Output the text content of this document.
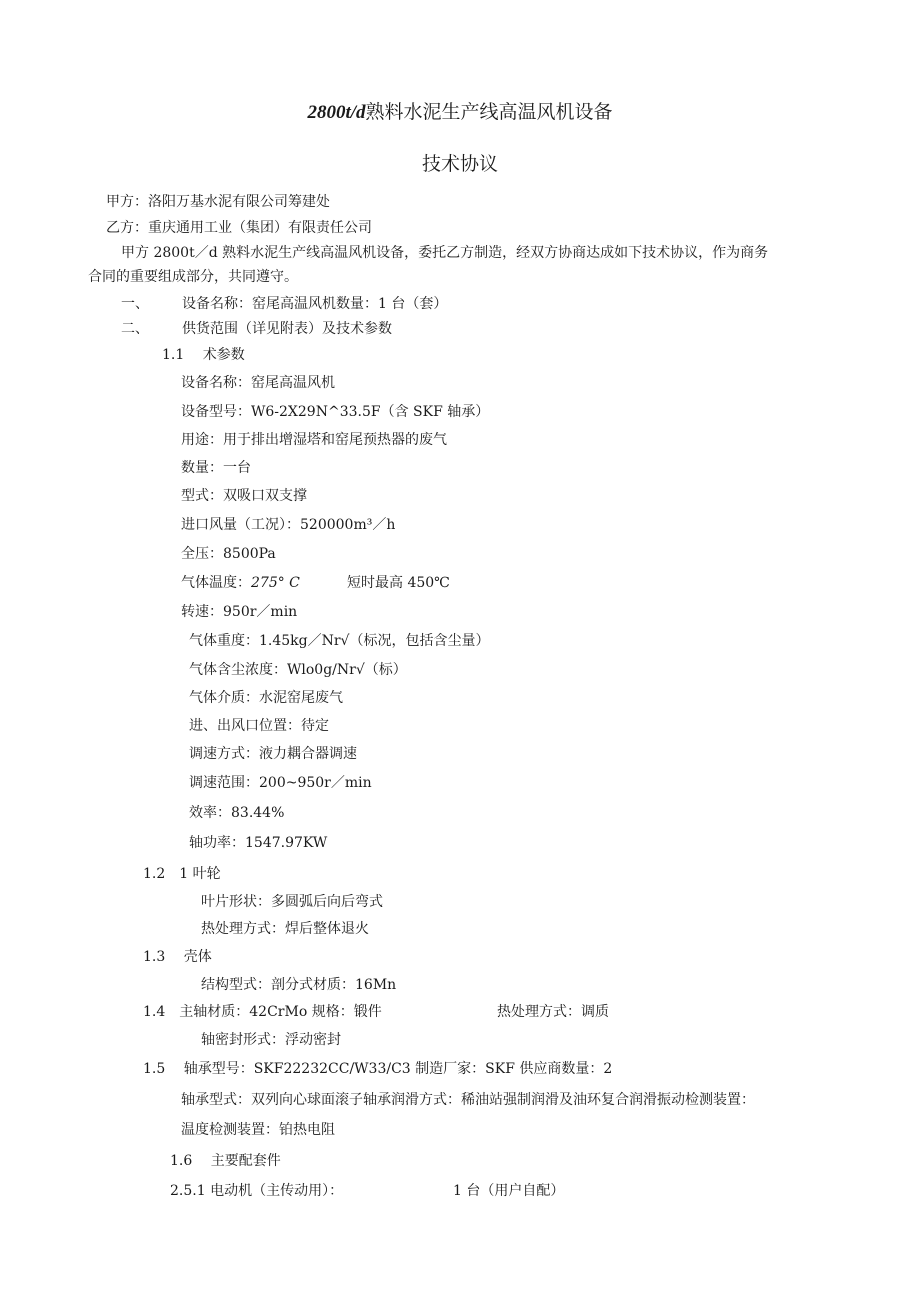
2800t/d熟料水泥生产线高温风机设备
技术协议
甲方：洛阳万基水泥有限公司筹建处
乙方：重庆通用工业（集团）有限责任公司
甲方 2800t／d 熟料水泥生产线高温风机设备，委托乙方制造，经双方协商达成如下技术协议，作为商务
合同的重要组成部分，共同遵守。
一、 设备名称：窑尾高温风机数量：1 台（套）
二、 供货范围（详见附表）及技术参数
1.1　 术参数
设备名称：窑尾高温风机
设备型号：W6-2X29N^33.5F（含 SKF 轴承）
用途：用于排出增湿塔和窑尾预热器的废气
数量：一台
型式：双吸口双支撑
进口风量（工况）：520000m³／h
全压：8500Pa
气体温度：275° C	短时最高 450℃
转速：950r／min
气体重度：1.45kg／Nr√（标况，包括含尘量）
气体含尘浓度：Wlo0g/Nr√（标）
气体介质：水泥窑尾废气
进、出风口位置：待定
调速方式：液力耦合器调速
调速范围：200~950r／min
效率：83.44%
轴功率：1547.97KW
1.2　1 叶轮
叶片形状：多圆弧后向后弯式
热处理方式：焊后整体退火
1.3　 壳体
结构型式：剖分式材质：16Mn
1.4　主轴材质：42CrMo 规格：锻件	热处理方式：调质
轴密封形式：浮动密封
1.5　 轴承型号：SKF22232CC/W33/C3 制造厂家：SKF 供应商数量：2
轴承型式：双列向心球面滚子轴承润滑方式：稀油站强制润滑及油环复合润滑振动检测装置：
温度检测装置：铂热电阻
1.6　 主要配套件
2.5.1 电动机（主传动用）：	1 台（用户自配）
